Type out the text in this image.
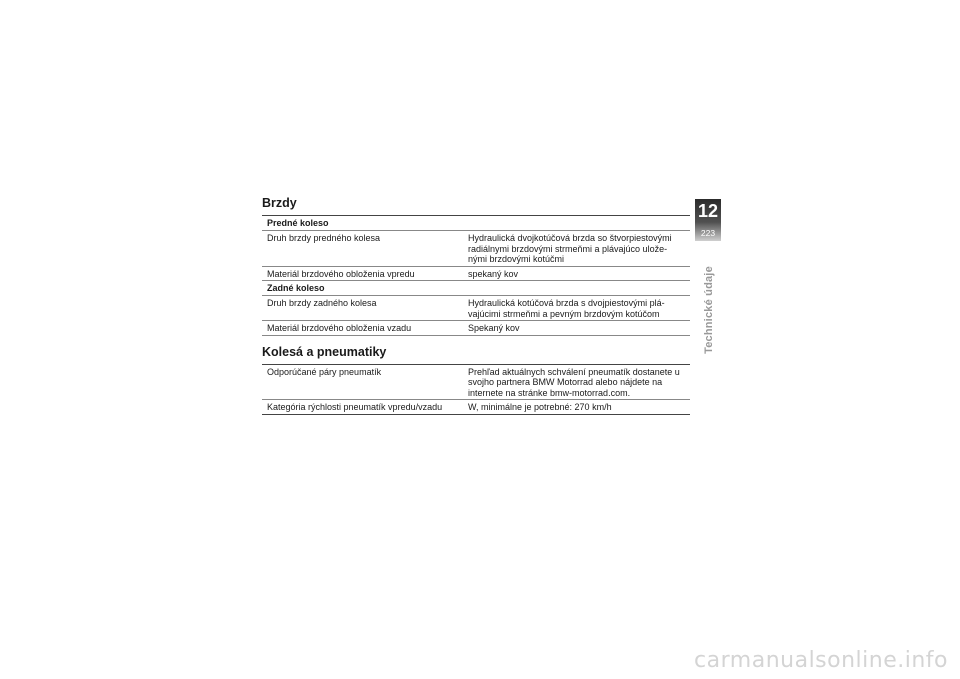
Brzdy
Predné koleso
Druh brzdy predného kolesa	Hydraulická dvojkotúčová brzda so štvorpiestovými radiálnymi brzdovými strmeňmi a plávajúco ulože-nými brzdovými kotúčmi
Materiál brzdového obloženia vpredu	spekaný kov
Zadné koleso
Druh brzdy zadného kolesa	Hydraulická kotúčová brzda s dvojpiestovými plá-vajúcimi strmeňmi a pevným brzdovým kotúčom
Materiál brzdového obloženia vzadu	Spekaný kov
Kolesá a pneumatiky
Odporúčané páry pneumatík	Prehľad aktuálnych schválení pneumatík dostanete u svojho partnera BMW Motorrad alebo nájdete na internete na stránke bmw-motorrad.com.
Kategória rýchlosti pneumatík vpredu/vzadu	W, minimálne je potrebné: 270 km/h
12
223
Technické údaje
carmanualsonline.info
